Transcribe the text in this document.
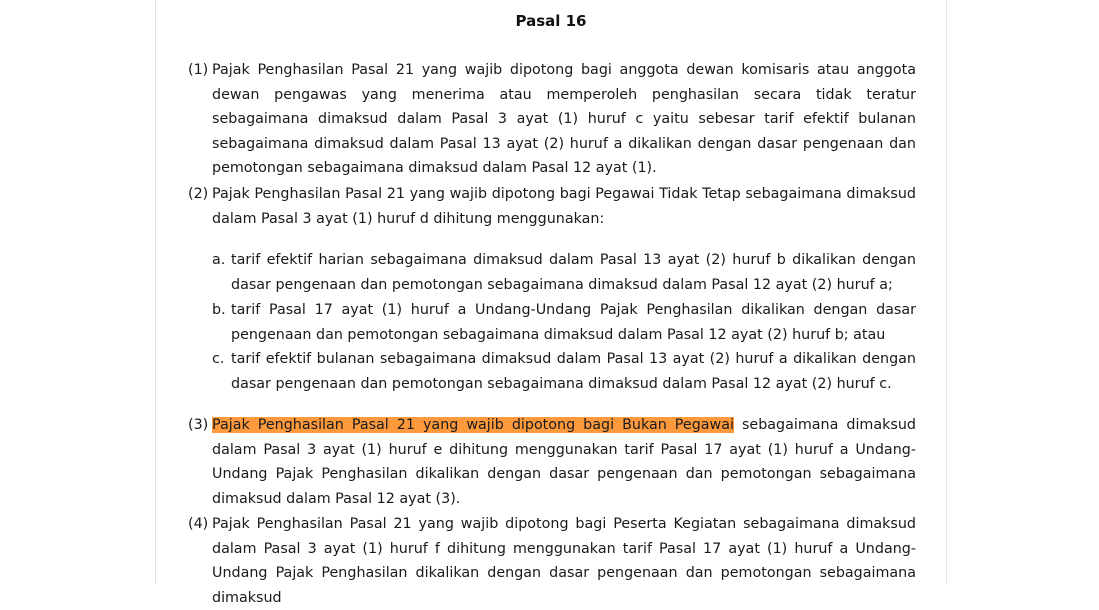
Pasal 16
(1) Pajak Penghasilan Pasal 21 yang wajib dipotong bagi anggota dewan komisaris atau anggota dewan pengawas yang menerima atau memperoleh penghasilan secara tidak teratur sebagaimana dimaksud dalam Pasal 3 ayat (1) huruf c yaitu sebesar tarif efektif bulanan sebagaimana dimaksud dalam Pasal 13 ayat (2) huruf a dikalikan dengan dasar pengenaan dan pemotongan sebagaimana dimaksud dalam Pasal 12 ayat (1).
(2) Pajak Penghasilan Pasal 21 yang wajib dipotong bagi Pegawai Tidak Tetap sebagaimana dimaksud dalam Pasal 3 ayat (1) huruf d dihitung menggunakan:
a. tarif efektif harian sebagaimana dimaksud dalam Pasal 13 ayat (2) huruf b dikalikan dengan dasar pengenaan dan pemotongan sebagaimana dimaksud dalam Pasal 12 ayat (2) huruf a;
b. tarif Pasal 17 ayat (1) huruf a Undang-Undang Pajak Penghasilan dikalikan dengan dasar pengenaan dan pemotongan sebagaimana dimaksud dalam Pasal 12 ayat (2) huruf b; atau
c. tarif efektif bulanan sebagaimana dimaksud dalam Pasal 13 ayat (2) huruf a dikalikan dengan dasar pengenaan dan pemotongan sebagaimana dimaksud dalam Pasal 12 ayat (2) huruf c.
(3) Pajak Penghasilan Pasal 21 yang wajib dipotong bagi Bukan Pegawai sebagaimana dimaksud dalam Pasal 3 ayat (1) huruf e dihitung menggunakan tarif Pasal 17 ayat (1) huruf a Undang-Undang Pajak Penghasilan dikalikan dengan dasar pengenaan dan pemotongan sebagaimana dimaksud dalam Pasal 12 ayat (3).
(4) Pajak Penghasilan Pasal 21 yang wajib dipotong bagi Peserta Kegiatan sebagaimana dimaksud dalam Pasal 3 ayat (1) huruf f dihitung menggunakan tarif Pasal 17 ayat (1) huruf a Undang-Undang Pajak Penghasilan dikalikan dengan dasar pengenaan dan pemotongan sebagaimana dimaksud
